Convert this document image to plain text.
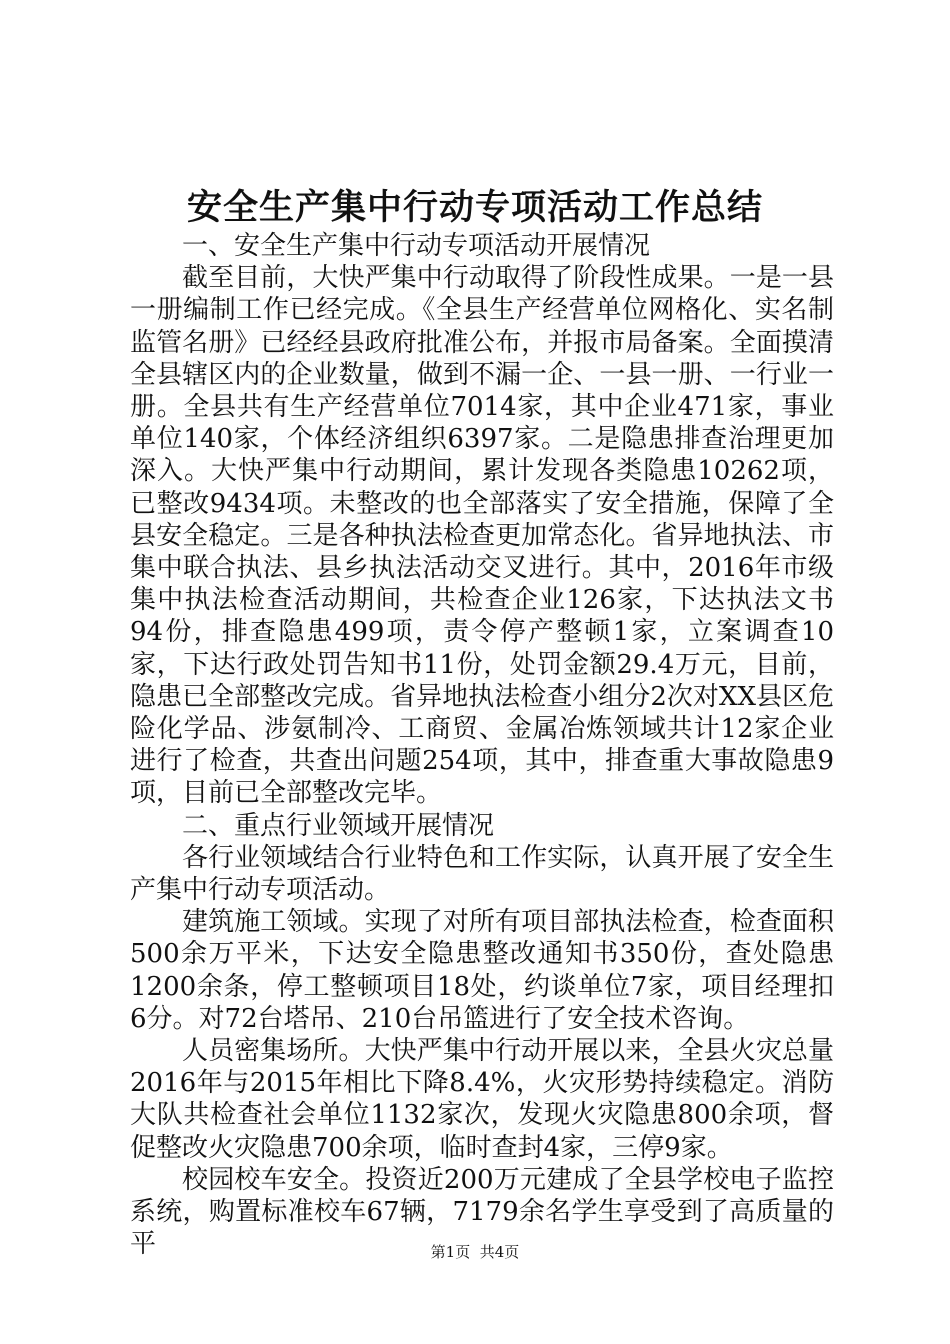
安全生产集中行动专项活动工作总结

一、安全生产集中行动专项活动开展情况

截至目前，大快严集中行动取得了阶段性成果。一是一县一册编制工作已经完成。《全县生产经营单位网格化、实名制监管名册》已经经县政府批准公布，并报市局备案。全面摸清全县辖区内的企业数量，做到不漏一企、一县一册、一行业一册。全县共有生产经营单位7014家，其中企业471家，事业单位140家，个体经济组织6397家。二是隐患排查治理更加深入。大快严集中行动期间，累计发现各类隐患10262项，已整改9434项。未整改的也全部落实了安全措施，保障了全县安全稳定。三是各种执法检查更加常态化。省异地执法、市集中联合执法、县乡执法活动交叉进行。其中，2016年市级集中执法检查活动期间，共检查企业126家，下达执法文书94份，排查隐患499项，责令停产整顿1家，立案调查10家，下达行政处罚告知书11份，处罚金额29.4万元，目前，隐患已全部整改完成。省异地执法检查小组分2次对XX县区危险化学品、涉氨制冷、工商贸、金属冶炼领域共计12家企业进行了检查，共查出问题254项，其中，排查重大事故隐患9项，目前已全部整改完毕。

二、重点行业领域开展情况

各行业领域结合行业特色和工作实际，认真开展了安全生产集中行动专项活动。

建筑施工领域。实现了对所有项目部执法检查，检查面积500余万平米，下达安全隐患整改通知书350份，查处隐患1200余条，停工整顿项目18处，约谈单位7家，项目经理扣6分。对72台塔吊、210台吊篮进行了安全技术咨询。

人员密集场所。大快严集中行动开展以来，全县火灾总量2016年与2015年相比下降8.4%，火灾形势持续稳定。消防大队共检查社会单位1132家次，发现火灾隐患800余项，督促整改火灾隐患700余项，临时查封4家，三停9家。

校园校车安全。投资近200万元建成了全县学校电子监控系统，购置标准校车67辆，7179余名学生享受到了高质量的平	第1页 共4页
